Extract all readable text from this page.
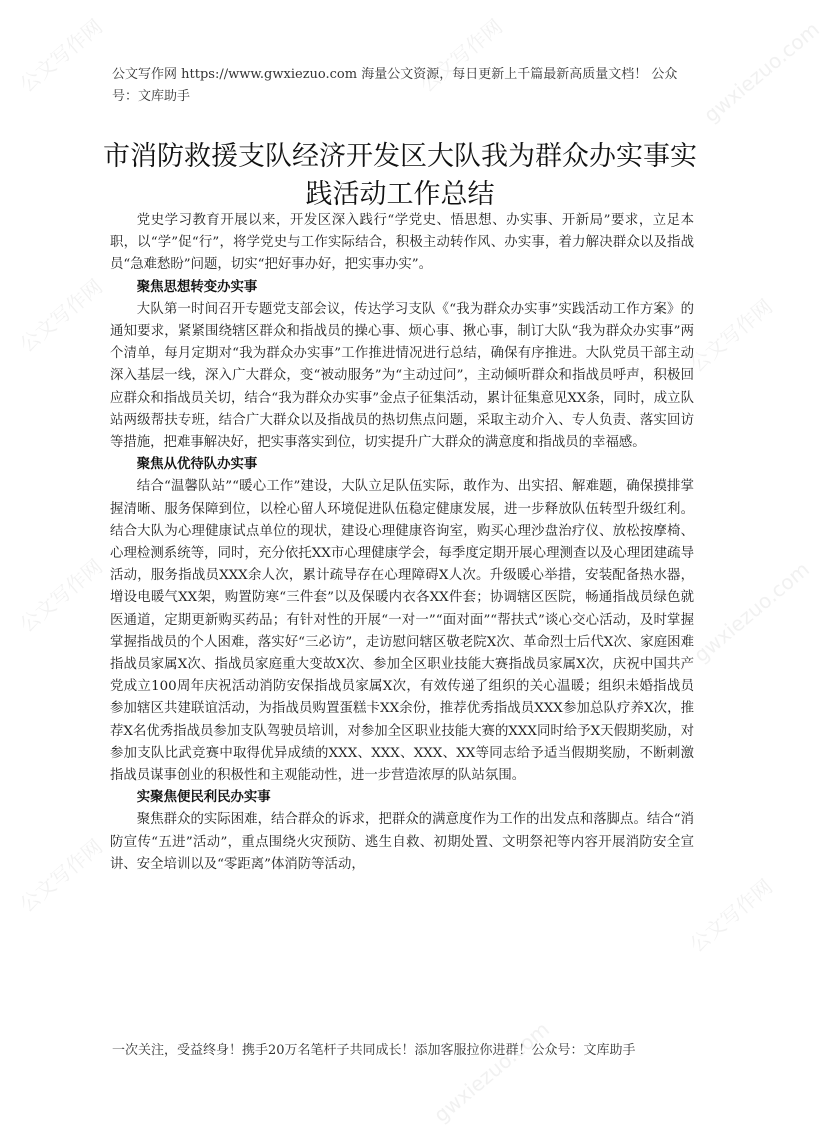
公文写作网	公文写作网	gwxiezuo.com
公文写作网	公文写作网
公文写作网	gwxiezuo.com
公文写作网	公文写作网
gwxiezuo.com
公文写作网 https://www.gwxiezuo.com 海量公文资源，每日更新上千篇最新高质量文档！ 公众号：文库助手
市消防救援支队经济开发区大队我为群众办实事实践活动工作总结

党史学习教育开展以来，开发区深入践行“学党史、悟思想、办实事、开新局”要求，立足本职，以“学”促“行”，将学党史与工作实际结合，积极主动转作风、办实事，着力解决群众以及指战员“急难愁盼”问题，切实“把好事办好，把实事办实”。

聚焦思想转变办实事

大队第一时间召开专题党支部会议，传达学习支队《“我为群众办实事”实践活动工作方案》的通知要求，紧紧围绕辖区群众和指战员的操心事、烦心事、揪心事，制订大队“我为群众办实事”两个清单，每月定期对“我为群众办实事”工作推进情况进行总结，确保有序推进。大队党员干部主动深入基层一线，深入广大群众，变“被动服务”为“主动过问”，主动倾听群众和指战员呼声，积极回应群众和指战员关切，结合“我为群众办实事”金点子征集活动，累计征集意见XX条，同时，成立队站两级帮扶专班，结合广大群众以及指战员的热切焦点问题，采取主动介入、专人负责、落实回访等措施，把难事解决好，把实事落实到位，切实提升广大群众的满意度和指战员的幸福感。

聚焦从优待队办实事

结合“温馨队站”“暖心工作”建设，大队立足队伍实际，敢作为、出实招、解难题，确保摸排掌握清晰、服务保障到位，以栓心留人环境促进队伍稳定健康发展，进一步释放队伍转型升级红利。结合大队为心理健康试点单位的现状，建设心理健康咨询室，购买心理沙盘治疗仪、放松按摩椅、心理检测系统等，同时，充分依托XX市心理健康学会，每季度定期开展心理测查以及心理团建疏导活动，服务指战员XXX余人次，累计疏导存在心理障碍X人次。升级暖心举措，安装配备热水器，增设电暖气XX架，购置防寒“三件套”以及保暖内衣各XX件套；协调辖区医院，畅通指战员绿色就医通道，定期更新购买药品；有针对性的开展“一对一”“面对面”“帮扶式”谈心交心活动，及时掌握掌握指战员的个人困难，落实好“三必访”，走访慰问辖区敬老院X次、革命烈士后代X次、家庭困难指战员家属X次、指战员家庭重大变故X次、参加全区职业技能大赛指战员家属X次，庆祝中国共产党成立100周年庆祝活动消防安保指战员家属X次，有效传递了组织的关心温暖；组织未婚指战员参加辖区共建联谊活动，为指战员购置蛋糕卡XX余份，推荐优秀指战员XXX参加总队疗养X次，推荐X名优秀指战员参加支队驾驶员培训，对参加全区职业技能大赛的XXX同时给予X天假期奖励，对参加支队比武竞赛中取得优异成绩的XXX、XXX、XXX、XX等同志给予适当假期奖励，不断刺激指战员谋事创业的积极性和主观能动性，进一步营造浓厚的队站氛围。

实聚焦便民利民办实事

聚焦群众的实际困难，结合群众的诉求，把群众的满意度作为工作的出发点和落脚点。结合“消防宣传“五进”活动”，重点围绕火灾预防、逃生自救、初期处置、文明祭祀等内容开展消防安全宣讲、安全培训以及“零距离”体消防等活动，

一次关注，受益终身！携手20万名笔杆子共同成长！添加客服拉你进群！公众号：文库助手
